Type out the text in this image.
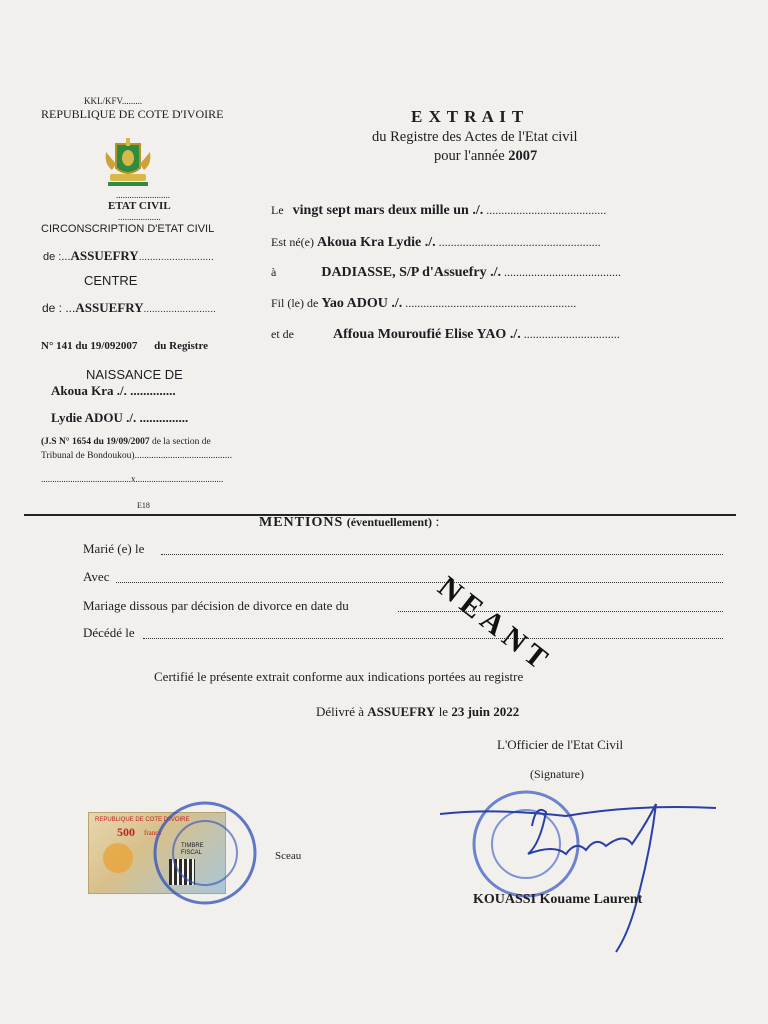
KKL/KFV.........
REPUBLIQUE DE COTE D'IVOIRE
........................
ETAT CIVIL
...................
CIRCONSCRIPTION D'ETAT CIVIL
de :...ASSUEFRY...........................
CENTRE
de : ...ASSUEFRY..........................
N° 141 du 19/092007 du Registre
NAISSANCE DE
Akoua Kra ./. ..............
Lydie ADOU ./. ...............
(J.S N° 1654 du 19/09/2007 de la section de
Tribunal de Bondoukou).........................................
........................................x.......................................
E18
E X T R A I T
du Registre des Actes de l'Etat civil
pour l'année 2007
Le vingt sept mars deux mille un ./. ........................................
Est né(e) Akoua Kra Lydie ./. ......................................................
à	DADIASSE, S/P d'Assuefry ./. .......................................
Fil (le) de Yao ADOU ./. .........................................................
et de	Affoua Mouroufié Elise YAO ./. ................................
MENTIONS (éventuellement) :
Marié (e) le
Avec
Mariage dissous par décision de divorce en date du
Décédé le	NEANT
Certifié le présente extrait conforme aux indications portées au registre
Délivré à ASSUEFRY le 23 juin 2022
L'Officier de l'Etat Civil
(Signature)
REPUBLIQUE DE COTE D'IVOIRE
500 francs
TIMBRE FISCAL	Sceau
KOUASSI Kouame Laurent
